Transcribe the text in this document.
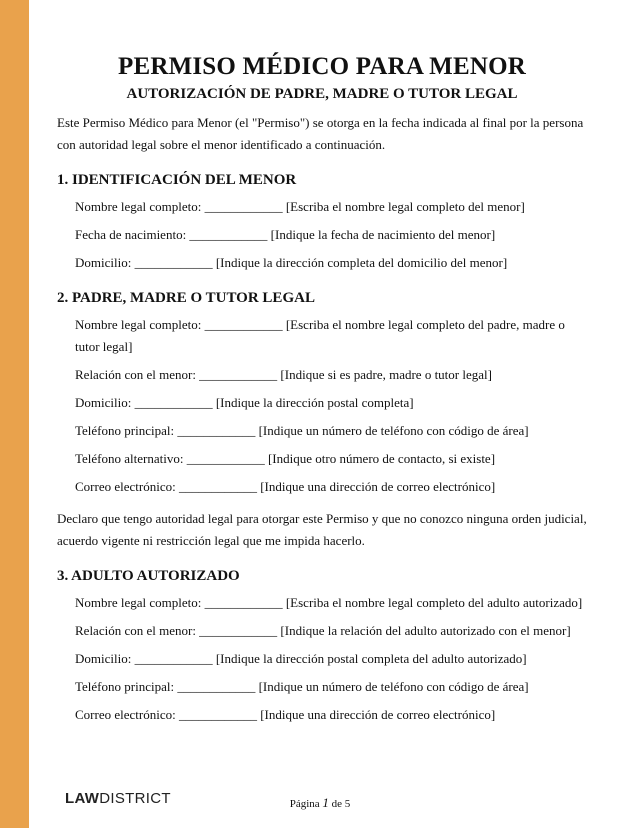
PERMISO MÉDICO PARA MENOR
AUTORIZACIÓN DE PADRE, MADRE O TUTOR LEGAL

Este Permiso Médico para Menor (el "Permiso") se otorga en la fecha indicada al final por la persona con autoridad legal sobre el menor identificado a continuación.

1. IDENTIFICACIÓN DEL MENOR
Nombre legal completo: ____________ [Escriba el nombre legal completo del menor]
Fecha de nacimiento: ____________ [Indique la fecha de nacimiento del menor]
Domicilio: ____________ [Indique la dirección completa del domicilio del menor]
2. PADRE, MADRE O TUTOR LEGAL
Nombre legal completo: ____________ [Escriba el nombre legal completo del padre, madre o tutor legal]
Relación con el menor: ____________ [Indique si es padre, madre o tutor legal]
Domicilio: ____________ [Indique la dirección postal completa]
Teléfono principal: ____________ [Indique un número de teléfono con código de área]
Teléfono alternativo: ____________ [Indique otro número de contacto, si existe]
Correo electrónico: ____________ [Indique una dirección de correo electrónico]

Declaro que tengo autoridad legal para otorgar este Permiso y que no conozco ninguna orden judicial, acuerdo vigente ni restricción legal que me impida hacerlo.

3. ADULTO AUTORIZADO
Nombre legal completo: ____________ [Escriba el nombre legal completo del adulto autorizado]
Relación con el menor: ____________ [Indique la relación del adulto autorizado con el menor]
Domicilio: ____________ [Indique la dirección postal completa del adulto autorizado]
Teléfono principal: ____________ [Indique un número de teléfono con código de área]
Correo electrónico: ____________ [Indique una dirección de correo electrónico]
LAWDISTRICT	Página 1 de 5
